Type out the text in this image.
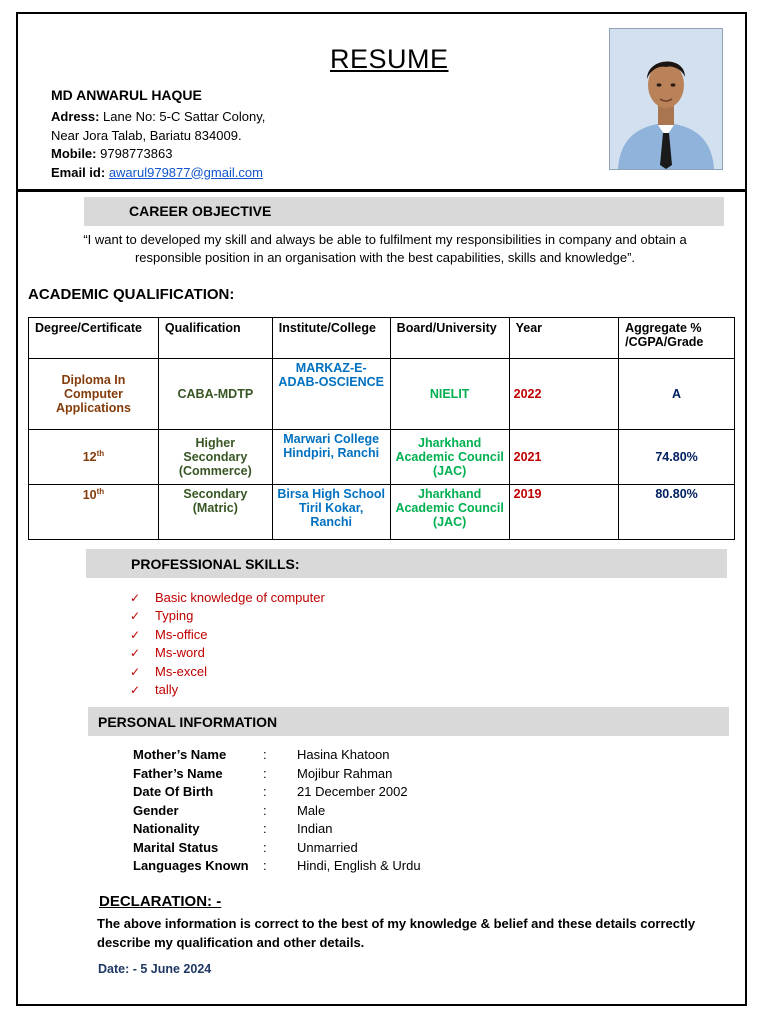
RESUME
MD ANWARUL HAQUE
Adress: Lane No: 5-C Sattar Colony,
Near Jora Talab, Bariatu 834009.
Mobile: 9798773863
Email id: awarul979877@gmail.com
CAREER OBJECTIVE
“I want to developed my skill and always be able to fulfilment my responsibilities in company and obtain a responsible position in an organisation with the best capabilities, skills and knowledge”.
ACADEMIC QUALIFICATION:
Degree/Certificate	Qualification	Institute/College	Board/University	Year	Aggregate % /CGPA/Grade
Diploma In Computer Applications	CABA-MDTP	MARKAZ-E-ADAB-OSCIENCE	NIELIT	2022	A
12th	Higher Secondary (Commerce)	Marwari College Hindpiri, Ranchi	Jharkhand Academic Council (JAC)	2021	74.80%
10th	Secondary (Matric)	Birsa High School Tiril Kokar, Ranchi	Jharkhand Academic Council (JAC)	2019	80.80%
PROFESSIONAL SKILLS:
✓ Basic knowledge of computer
✓ Typing
✓ Ms-office
✓ Ms-word
✓ Ms-excel
✓ tally
PERSONAL INFORMATION
Mother’s Name	:	Hasina Khatoon
Father’s Name	:	Mojibur Rahman
Date Of Birth	:	21 December 2002
Gender	:	Male
Nationality	:	Indian
Marital Status	:	Unmarried
Languages Known	:	Hindi, English & Urdu
DECLARATION: -
The above information is correct to the best of my knowledge & belief and these details correctly describe my qualification and other details.
Date: - 5 June 2024
